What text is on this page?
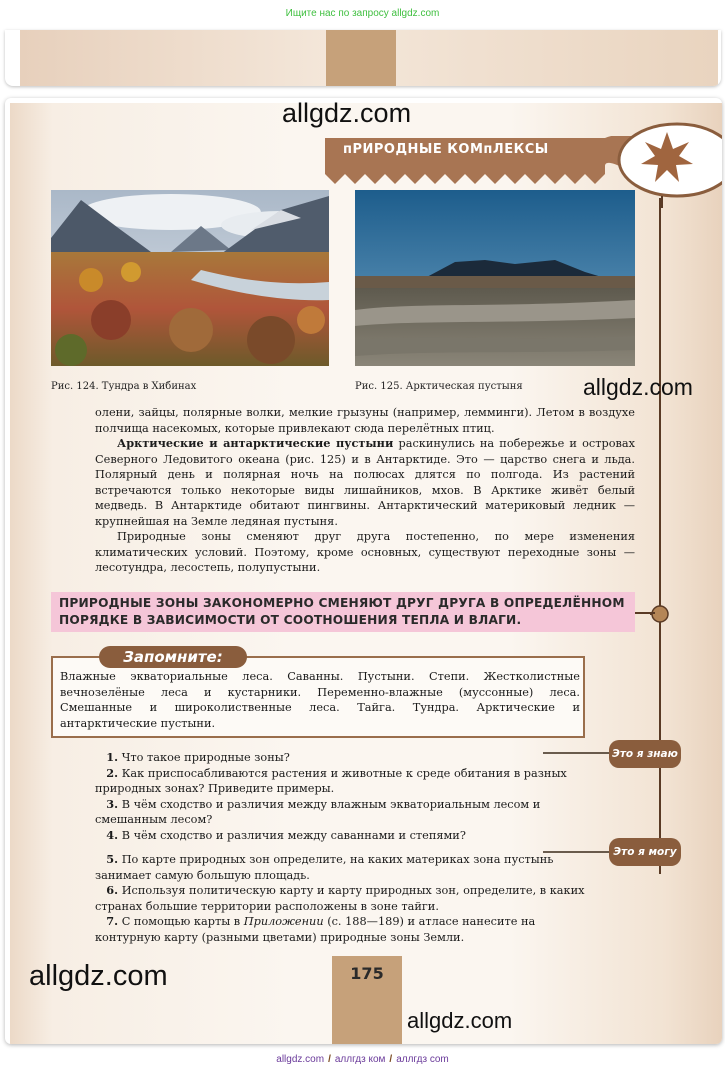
Ищите нас по запросу allgdz.com
пРИРОДНЫЕ КОМпЛЕКСЫ
Рис. 124. Тундра в Хибинах	Рис. 125. Арктическая пустыня

олени, зайцы, полярные волки, мелкие грызуны (например, лемминги). Летом в воздухе полчища насекомых, которые привлекают сюда перелётных птиц.

Арктические и антарктические пустыни раскинулись на побережье и островах Северного Ледовитого океана (рис. 125) и в Антарктиде. Это — царство снега и льда. Полярный день и полярная ночь на полюсах длятся по полгода. Из растений встречаются только некоторые виды лишайников, мхов. В Арктике живёт белый медведь. В Антарктиде обитают пингвины. Антарктический материковый ледник — крупнейшая на Земле ледяная пустыня.

Природные зоны сменяют друг друга постепенно, по мере изменения климатических условий. Поэтому, кроме основных, существуют переходные зоны — лесотундра, лесостепь, полупустыни.

ПРИРОДНЫЕ ЗОНЫ ЗАКОНОМЕРНО СМЕНЯЮТ ДРУГ ДРУГА В ОПРЕДЕЛЁННОМ ПОРЯДКЕ В ЗАВИСИМОСТИ ОТ СООТНОШЕНИЯ ТЕПЛА И ВЛАГИ.
Запомните:
Влажные экваториальные леса. Саванны. Пустыни. Степи. Жестколистные вечнозелёные леса и кустарники. Переменно-влажные (муссонные) леса. Смешанные и широколиственные леса. Тайга. Тундра. Арктические и антарктические пустыни.
Это я знаю
Это я могу

 1. Что такое природные зоны?

 2. Как приспосабливаются растения и животные к среде обитания в разных природных зонах? Приведите примеры.

 3. В чём сходство и различия между влажным экваториальным лесом и смешанным лесом?

 4. В чём сходство и различия между саваннами и степями?

 5. По карте природных зон определите, на каких материках зона пустынь занимает самую большую площадь.

 6. Используя политическую карту и карту природных зон, определите, в каких странах большие территории расположены в зоне тайги.

 7. С помощью карты в Приложении (с. 188—189) и атласе нанесите на контурную карту (разными цветами) природные зоны Земли.

175
allgdz.com
allgdz.com
allgdz.com
allgdz.com
allgdz.com / аллгдз ком / аллгдз com
